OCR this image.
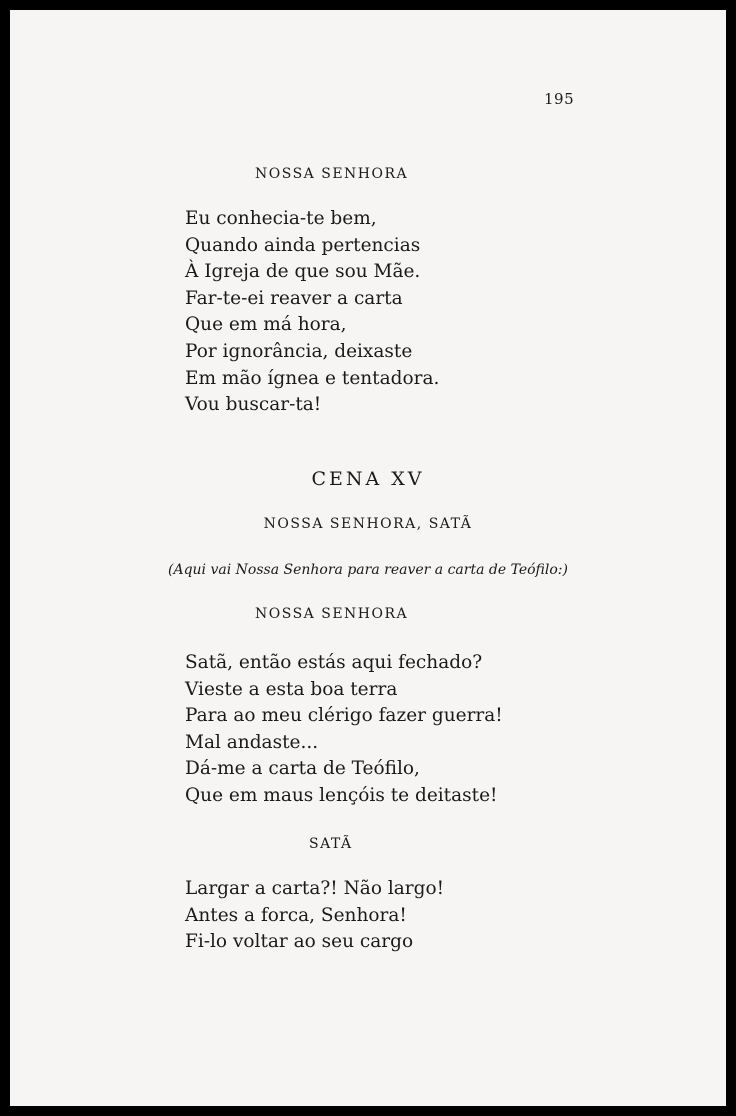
195
NOSSA SENHORA
Eu conhecia-te bem,
Quando ainda pertencias
À Igreja de que sou Mãe.
Far-te-ei reaver a carta
Que em má hora,
Por ignorância, deixaste
Em mão ígnea e tentadora.
Vou buscar-ta!
CENA XV
NOSSA SENHORA, SATÃ
(Aqui vai Nossa Senhora para reaver a carta de Teófilo:)
NOSSA SENHORA
Satã, então estás aqui fechado?
Vieste a esta boa terra
Para ao meu clérigo fazer guerra!
Mal andaste...
Dá-me a carta de Teófilo,
Que em maus lençóis te deitaste!
SATÃ
Largar a carta?! Não largo!
Antes a forca, Senhora!
Fi-lo voltar ao seu cargo
